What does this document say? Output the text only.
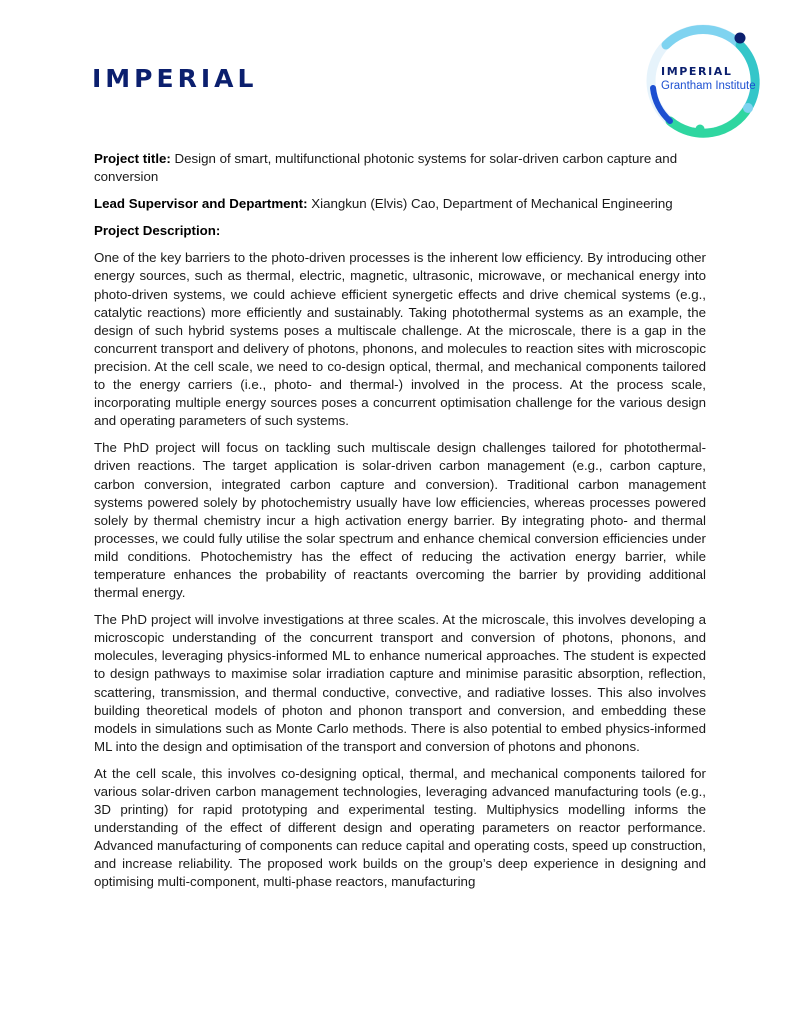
IMPERIAL	IMPERIAL
Grantham Institute

Project title: Design of smart, multifunctional photonic systems for solar-driven carbon capture and conversion

Lead Supervisor and Department: Xiangkun (Elvis) Cao, Department of Mechanical Engineering

Project Description:

One of the key barriers to the photo-driven processes is the inherent low efficiency. By introducing other energy sources, such as thermal, electric, magnetic, ultrasonic, microwave, or mechanical energy into photo-driven systems, we could achieve efficient synergetic effects and drive chemical systems (e.g., catalytic reactions) more efficiently and sustainably. Taking photothermal systems as an example, the design of such hybrid systems poses a multiscale challenge. At the microscale, there is a gap in the concurrent transport and delivery of photons, phonons, and molecules to reaction sites with microscopic precision. At the cell scale, we need to co-design optical, thermal, and mechanical components tailored to the energy carriers (i.e., photo- and thermal-) involved in the process. At the process scale, incorporating multiple energy sources poses a concurrent optimisation challenge for the various design and operating parameters of such systems.

The PhD project will focus on tackling such multiscale design challenges tailored for photothermal-driven reactions. The target application is solar-driven carbon management (e.g., carbon capture, carbon conversion, integrated carbon capture and conversion). Traditional carbon management systems powered solely by photochemistry usually have low efficiencies, whereas processes powered solely by thermal chemistry incur a high activation energy barrier. By integrating photo- and thermal processes, we could fully utilise the solar spectrum and enhance chemical conversion efficiencies under mild conditions. Photochemistry has the effect of reducing the activation energy barrier, while temperature enhances the probability of reactants overcoming the barrier by providing additional thermal energy.

The PhD project will involve investigations at three scales. At the microscale, this involves developing a microscopic understanding of the concurrent transport and conversion of photons, phonons, and molecules, leveraging physics-informed ML to enhance numerical approaches. The student is expected to design pathways to maximise solar irradiation capture and minimise parasitic absorption, reflection, scattering, transmission, and thermal conductive, convective, and radiative losses. This also involves building theoretical models of photon and phonon transport and conversion, and embedding these models in simulations such as Monte Carlo methods. There is also potential to embed physics-informed ML into the design and optimisation of the transport and conversion of photons and phonons.

At the cell scale, this involves co-designing optical, thermal, and mechanical components tailored for various solar-driven carbon management technologies, leveraging advanced manufacturing tools (e.g., 3D printing) for rapid prototyping and experimental testing. Multiphysics modelling informs the understanding of the effect of different design and operating parameters on reactor performance. Advanced manufacturing of components can reduce capital and operating costs, speed up construction, and increase reliability. The proposed work builds on the group’s deep experience in designing and optimising multi-component, multi-phase reactors, manufacturing
